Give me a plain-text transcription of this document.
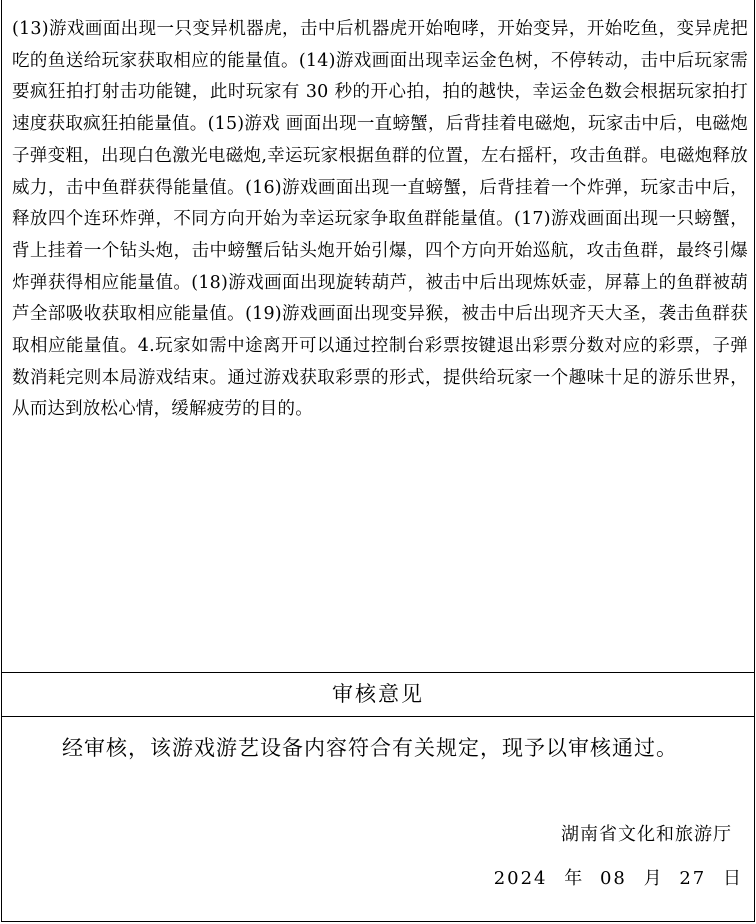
(13)游戏画面出现一只变异机器虎，击中后机器虎开始咆哮，开始变异，开始吃鱼，变异虎把吃的鱼送给玩家获取相应的能量值。(14)游戏画面出现幸运金色树，不停转动，击中后玩家需要疯狂拍打射击功能键，此时玩家有 30 秒的开心拍，拍的越快，幸运金色数会根据玩家拍打速度获取疯狂拍能量值。(15)游戏 画面出现一直螃蟹，后背挂着电磁炮，玩家击中后，电磁炮子弹变粗，出现白色激光电磁炮,幸运玩家根据鱼群的位置，左右摇杆，攻击鱼群。电磁炮释放威力，击中鱼群获得能量值。(16)游戏画面出现一直螃蟹，后背挂着一个炸弹，玩家击中后，释放四个连环炸弹，不同方向开始为幸运玩家争取鱼群能量值。(17)游戏画面出现一只螃蟹，背上挂着一个钻头炮，击中螃蟹后钻头炮开始引爆，四个方向开始巡航，攻击鱼群，最终引爆炸弹获得相应能量值。(18)游戏画面出现旋转葫芦，被击中后出现炼妖壶，屏幕上的鱼群被葫芦全部吸收获取相应能量值。(19)游戏画面出现变异猴，被击中后出现齐天大圣，袭击鱼群获取相应能量值。4.玩家如需中途离开可以通过控制台彩票按键退出彩票分数对应的彩票，子弹数消耗完则本局游戏结束。通过游戏获取彩票的形式，提供给玩家一个趣味十足的游乐世界， 从而达到放松心情，缓解疲劳的目的。

审核意见
经审核，该游戏游艺设备内容符合有关规定，现予以审核通过。
湖南省文化和旅游厅
2024 年 08 月 27 日
